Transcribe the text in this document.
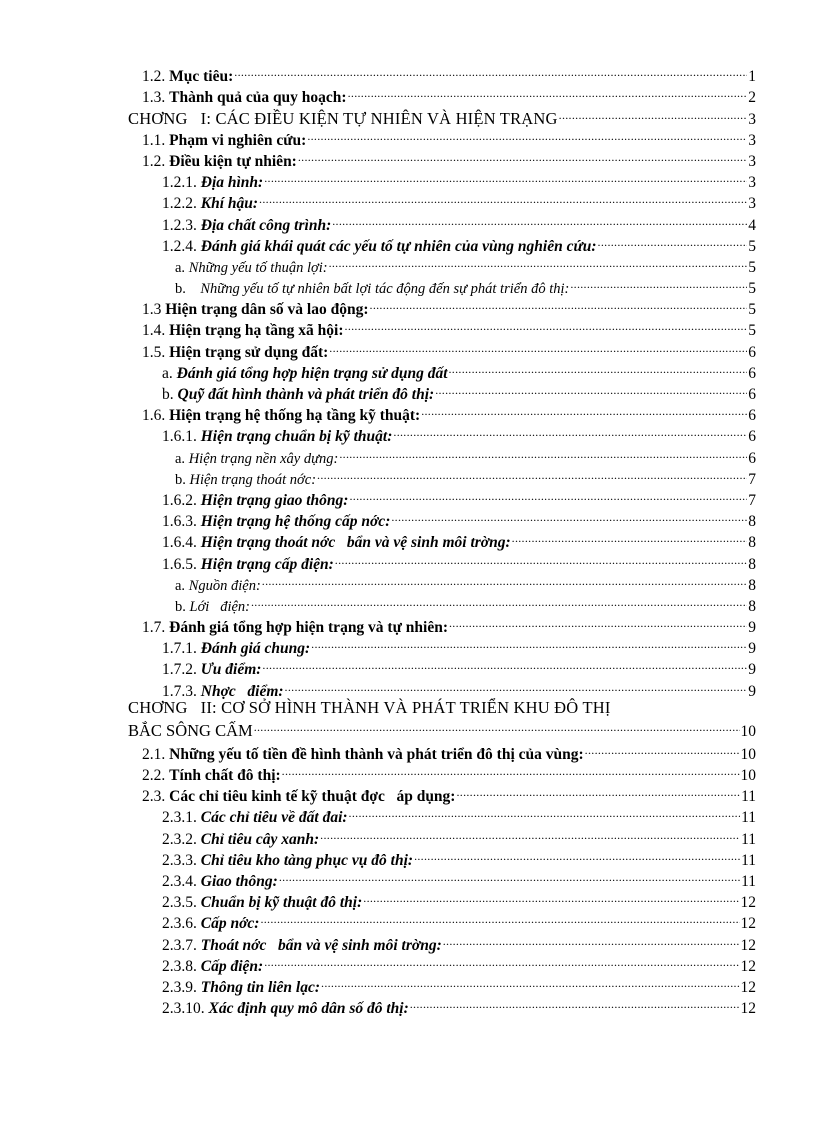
1.2. Mục tiêu: .....	1
1.3. Thành quả của quy hoạch: .....	2
CHƠNG   I: CÁC ĐIỀU KIỆN TỰ NHIÊN VÀ HIỆN TRẠNG .....	3
1.1. Phạm vi nghiên cứu: .....	3
1.2. Điều kiện tự nhiên: .....	3
1.2.1. Địa hình: .....	3
1.2.2. Khí hậu: .....	3
1.2.3. Địa chất công trình: .....	4
1.2.4. Đánh giá khái quát các yếu tố tự nhiên của vùng nghiên cứu: .....	5
a. Những yếu tố thuận lợi: .....	5
b. Những yếu tố tự nhiên bất lợi tác động đến sự phát triển đô thị: .....	5
1.3 Hiện trạng dân số và lao động: .....	5
1.4. Hiện trạng hạ tầng xã hội: .....	5
1.5. Hiện trạng sử dụng đất: .....	6
a. Đánh giá tổng hợp hiện trạng sử dụng đất .....	6
b. Quỹ đất hình thành và phát triển đô thị: .....	6
1.6. Hiện trạng hệ thống hạ tầng kỹ thuật: .....	6
1.6.1. Hiện trạng chuẩn bị kỹ thuật: .....	6
a. Hiện trạng nền xây dựng: .....	6
b. Hiện trạng thoát nớc: .....	7
1.6.2. Hiện trạng giao thông: .....	7
1.6.3. Hiện trạng hệ thống cấp nớc: .....	8
1.6.4. Hiện trạng thoát nớc   bẩn và vệ sinh môi trờng: .....	8
1.6.5. Hiện trạng cấp điện: .....	8
a. Nguồn điện: .....	8
b. Lới   điện: .....	8
1.7. Đánh giá tổng hợp hiện trạng và tự nhiên: .....	9
1.7.1. Đánh giá chung: .....	9
1.7.2. Ưu điểm: .....	9
1.7.3. Nhợc   điểm: .....	9
CHƠNG   II: CƠ SỞ HÌNH THÀNH VÀ PHÁT TRIỂN KHU ĐÔ THỊ
BẮC SÔNG CẤM .....	10
2.1. Những yếu tố tiền đề hình thành và phát triển đô thị của vùng: .....	10
2.2. Tính chất đô thị: .....	10
2.3. Các chỉ tiêu kinh tế kỹ thuật đợc   áp dụng: .....	11
2.3.1. Các chỉ tiêu về đất đai: .....	11
2.3.2. Chỉ tiêu cây xanh: .....	11
2.3.3. Chỉ tiêu kho tàng phục vụ đô thị: .....	11
2.3.4. Giao thông: .....	11
2.3.5. Chuẩn bị kỹ thuật đô thị: .....	12
2.3.6. Cấp nớc: .....	12
2.3.7. Thoát nớc   bẩn và vệ sinh môi trờng: .....	12
2.3.8. Cấp điện: .....	12
2.3.9. Thông tin liên lạc: .....	12
2.3.10. Xác định quy mô dân số đô thị: .....	12
